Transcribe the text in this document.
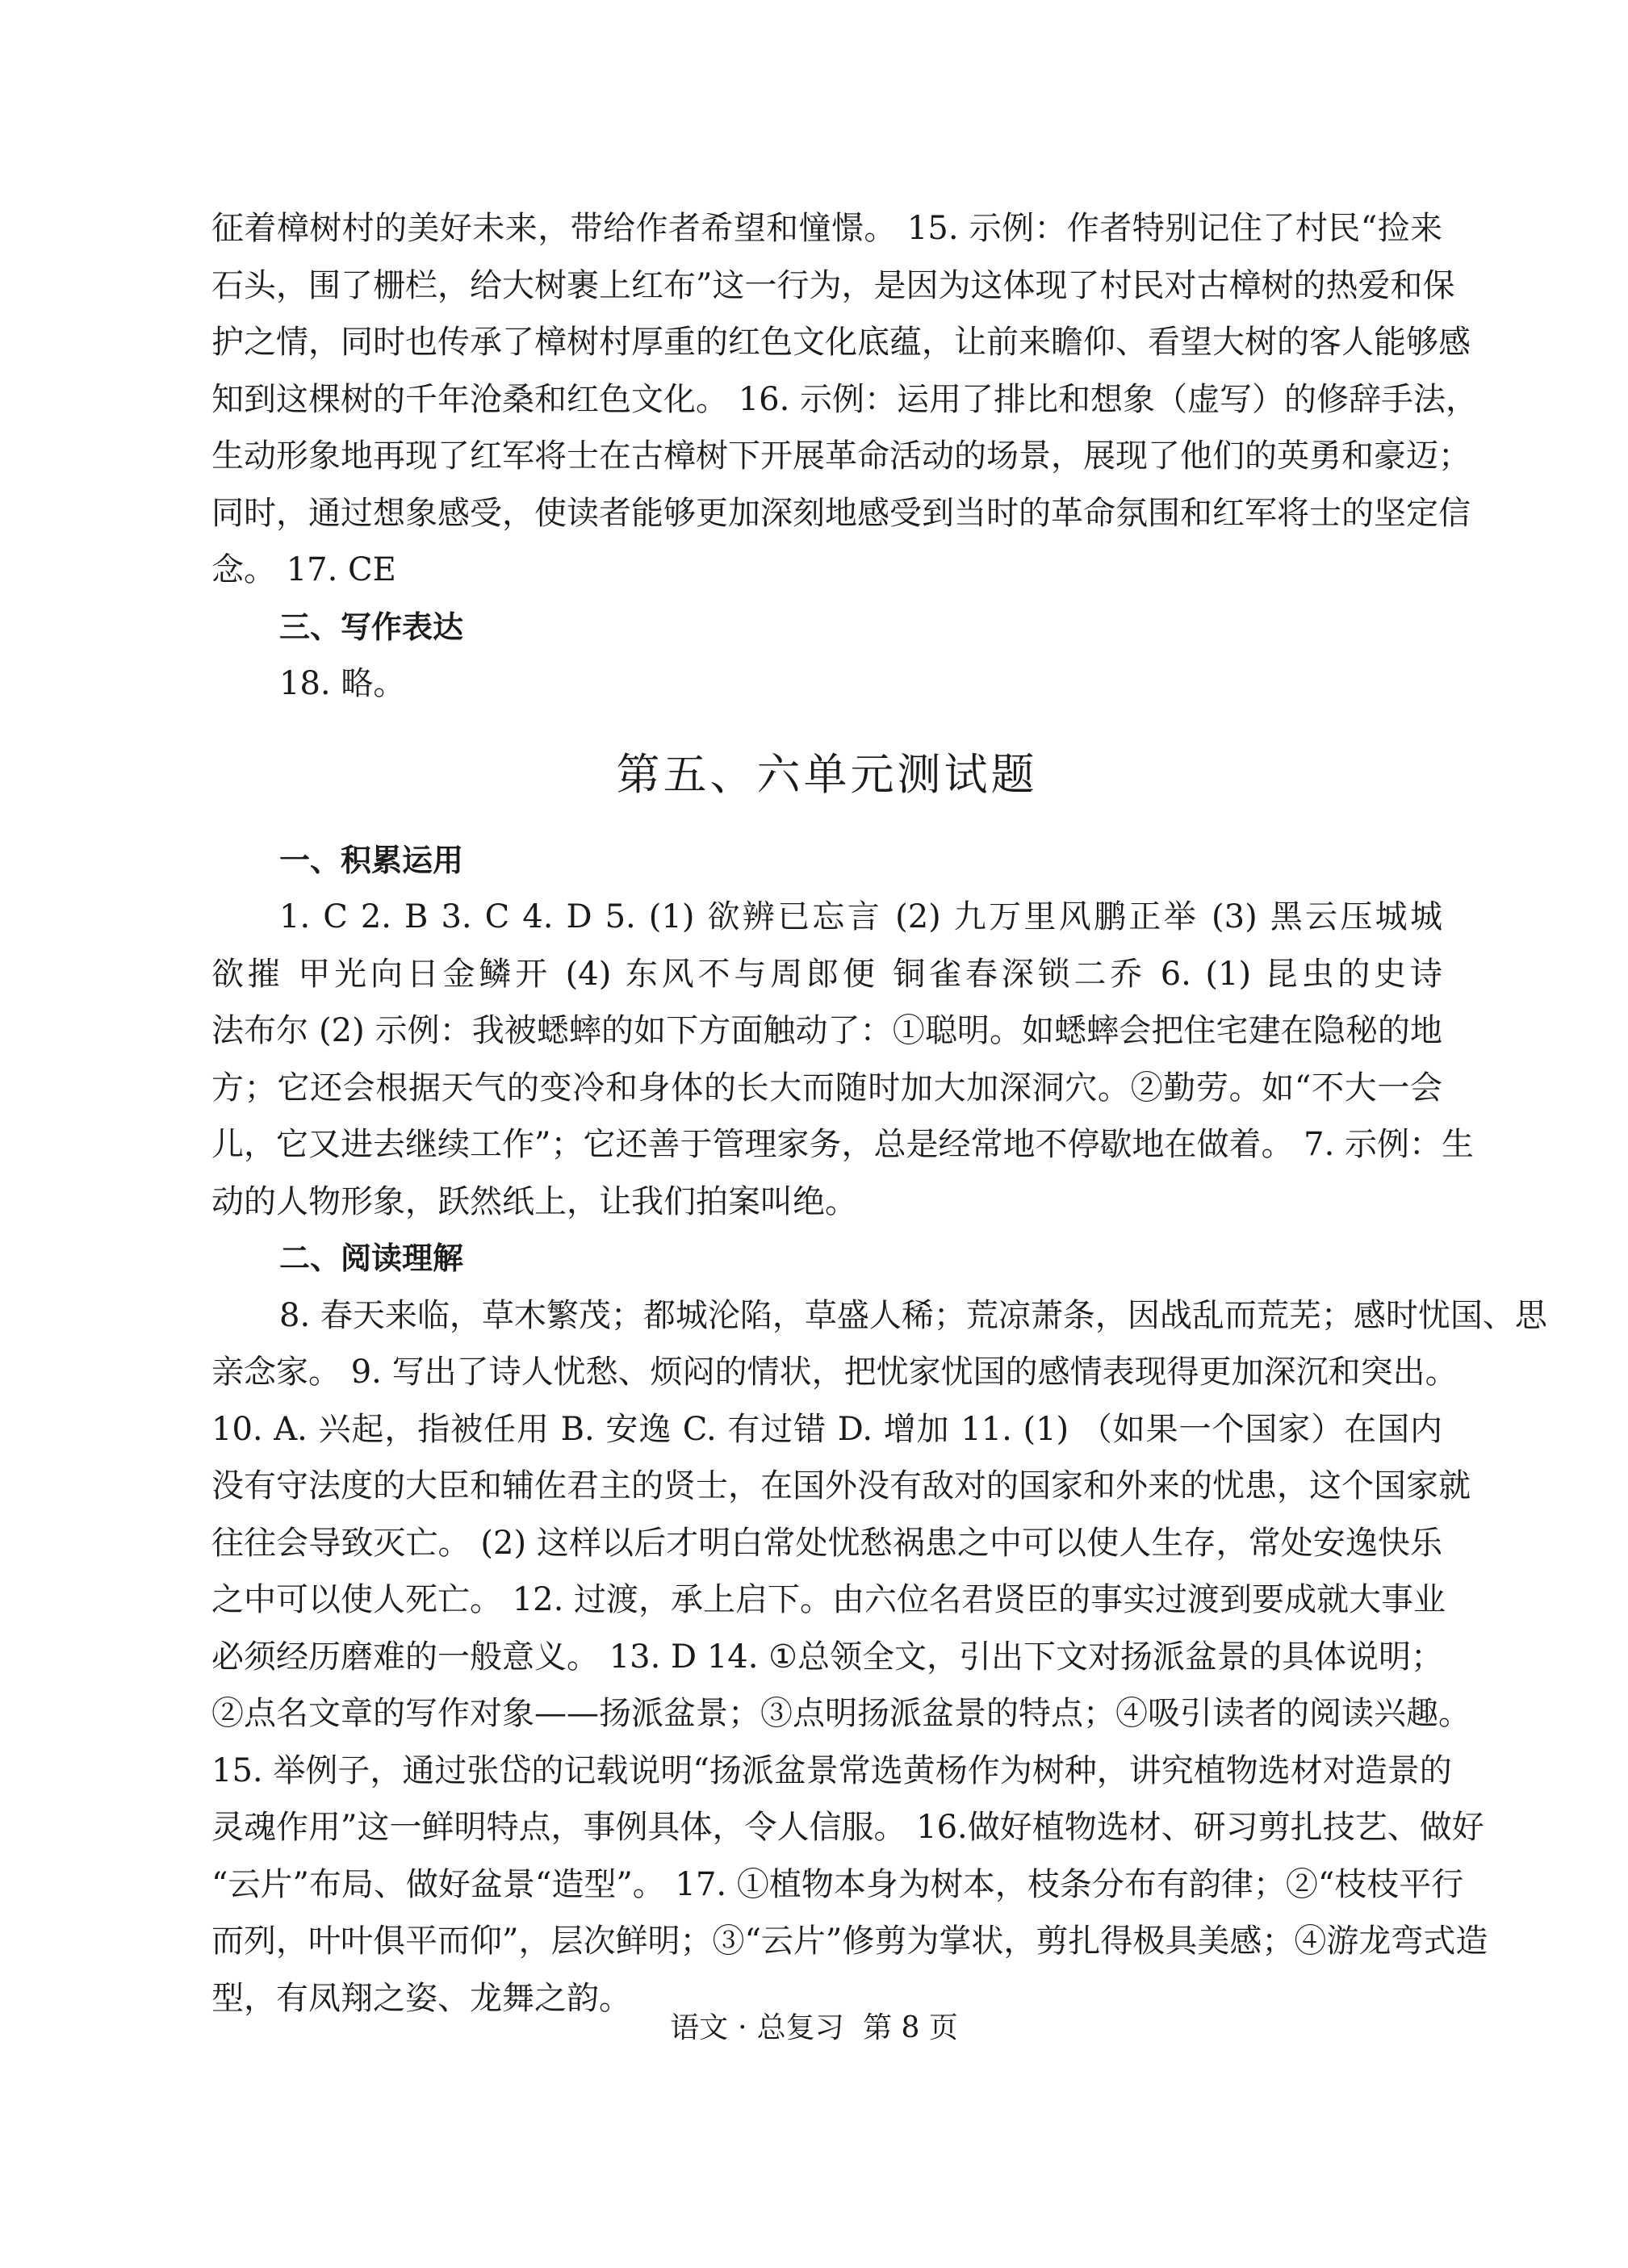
征着樟树村的美好未来，带给作者希望和憧憬。 15. 示例：作者特别记住了村民“捡来
石头，围了栅栏，给大树裹上红布”这一行为，是因为这体现了村民对古樟树的热爱和保
护之情，同时也传承了樟树村厚重的红色文化底蕴，让前来瞻仰、看望大树的客人能够感
知到这棵树的千年沧桑和红色文化。 16. 示例：运用了排比和想象（虚写）的修辞手法，
生动形象地再现了红军将士在古樟树下开展革命活动的场景，展现了他们的英勇和豪迈；
同时，通过想象感受，使读者能够更加深刻地感受到当时的革命氛围和红军将士的坚定信
念。 17. CE
三、写作表达
18. 略。
第五、六单元测试题
一、积累运用
1. C 2. B 3. C 4. D 5. (1) 欲辨已忘言 (2) 九万里风鹏正举 (3) 黑云压城城
欲摧 甲光向日金鳞开 (4) 东风不与周郎便 铜雀春深锁二乔 6. (1) 昆虫的史诗
法布尔 (2) 示例：我被蟋蟀的如下方面触动了：①聪明。如蟋蟀会把住宅建在隐秘的地
方；它还会根据天气的变冷和身体的长大而随时加大加深洞穴。②勤劳。如“不大一会
儿，它又进去继续工作”；它还善于管理家务，总是经常地不停歇地在做着。 7. 示例：生
动的人物形象，跃然纸上，让我们拍案叫绝。
二、阅读理解
8. 春天来临，草木繁茂；都城沦陷，草盛人稀；荒凉萧条，因战乱而荒芜；感时忧国、思
亲念家。 9. 写出了诗人忧愁、烦闷的情状，把忧家忧国的感情表现得更加深沉和突出。
10. A. 兴起，指被任用 B. 安逸 C. 有过错 D. 增加 11. (1) （如果一个国家）在国内
没有守法度的大臣和辅佐君主的贤士，在国外没有敌对的国家和外来的忧患，这个国家就
往往会导致灭亡。 (2) 这样以后才明白常处忧愁祸患之中可以使人生存，常处安逸快乐
之中可以使人死亡。 12. 过渡，承上启下。由六位名君贤臣的事实过渡到要成就大事业
必须经历磨难的一般意义。 13. D 14. ①总领全文，引出下文对扬派盆景的具体说明；
②点名文章的写作对象——扬派盆景；③点明扬派盆景的特点；④吸引读者的阅读兴趣。
15. 举例子，通过张岱的记载说明“扬派盆景常选黄杨作为树种，讲究植物选材对造景的
灵魂作用”这一鲜明特点，事例具体，令人信服。 16.做好植物选材、研习剪扎技艺、做好
“云片”布局、做好盆景“造型”。 17. ①植物本身为树本，枝条分布有韵律；②“枝枝平行
而列，叶叶俱平而仰”，层次鲜明；③“云片”修剪为掌状，剪扎得极具美感；④游龙弯式造
型，有凤翔之姿、龙舞之韵。
语文 · 总复习 第 8 页
